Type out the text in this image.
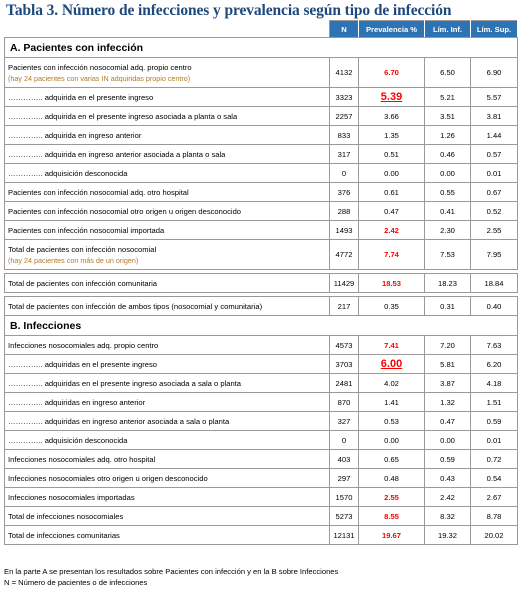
Tabla 3. Número de infecciones y prevalencia según tipo de infección
	N	Prevalencia %	Lím. Inf.	Lím. Sup.
A. Pacientes con infección				
Pacientes con infección nosocomial adq. propio centro
(hay 24 pacientes con varias IN adquiridas propio centro)	4132	6.70	6.50	6.90
………….. adquirida en el presente ingreso	3323	5.39	5.21	5.57
………….. adquirida en el presente ingreso asociada a planta o sala	2257	3.66	3.51	3.81
………….. adquirida en ingreso anterior	833	1.35	1.26	1.44
………….. adquirida en ingreso anterior asociada a planta o sala	317	0.51	0.46	0.57
………….. adquisición desconocida	0	0.00	0.00	0.01
Pacientes con infección nosocomial adq. otro hospital	376	0.61	0.55	0.67
Pacientes con infección nosocomial otro origen u origen desconocido	288	0.47	0.41	0.52
Pacientes con infección nosocomial importada	1493	2.42	2.30	2.55
Total de pacientes con infección nosocomial
(hay 24 pacientes con más de un origen)	4772	7.74	7.53	7.95

Total de pacientes con infección comunitaria	11429	18.53	18.23	18.84

Total de pacientes con infección de ambos tipos (nosocomial y comunitaria)	217	0.35	0.31	0.40
B. Infecciones				
Infecciones nosocomiales adq. propio centro	4573	7.41	7.20	7.63
………….. adquiridas en el presente ingreso	3703	6.00	5.81	6.20
………….. adquiridas en el presente ingreso asociada a sala o planta	2481	4.02	3.87	4.18
………….. adquiridas en ingreso anterior	870	1.41	1.32	1.51
………….. adquiridas en ingreso anterior asociada a sala o planta	327	0.53	0.47	0.59
………….. adquisición desconocida	0	0.00	0.00	0.01
Infecciones nosocomiales adq. otro hospital	403	0.65	0.59	0.72
Infecciones nosocomiales otro origen u origen desconocido	297	0.48	0.43	0.54
Infecciones nosocomiales importadas	1570	2.55	2.42	2.67
Total de infecciones nosocomiales	5273	8.55	8.32	8.78
Total de infecciones comunitarias	12131	19.67	19.32	20.02
En la parte A se presentan los resultados sobre Pacientes con infección y en la B sobre Infecciones
N = Número de pacientes o de infecciones
